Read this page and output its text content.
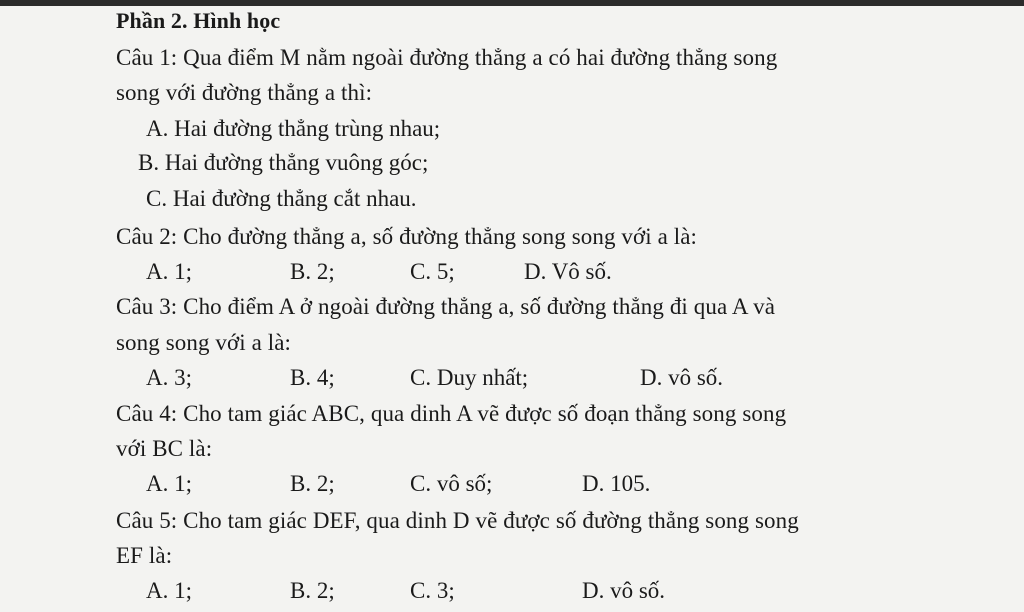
Phần 2. Hình học
Câu 1: Qua điểm M nằm ngoài đường thẳng a có hai đường thẳng song
song với đường thẳng a thì:
A. Hai đường thẳng trùng nhau;
B. Hai đường thẳng vuông góc;
C. Hai đường thẳng cắt nhau.
Câu 2: Cho đường thẳng a, số đường thẳng song song với a là:
A. 1;	B. 2;	C. 5;	D. Vô số.
Câu 3: Cho điểm A ở ngoài đường thẳng a, số đường thẳng đi qua A và
song song với a là:
A. 3;	B. 4;	C. Duy nhất;	D. vô số.
Câu 4: Cho tam giác ABC, qua dinh A vẽ được số đoạn thẳng song song
với BC là:
A. 1;	B. 2;	C. vô số;	D. 105.
Câu 5: Cho tam giác DEF, qua dinh D vẽ được số đường thẳng song song
EF là:
A. 1;	B. 2;	C. 3;	D. vô số.
